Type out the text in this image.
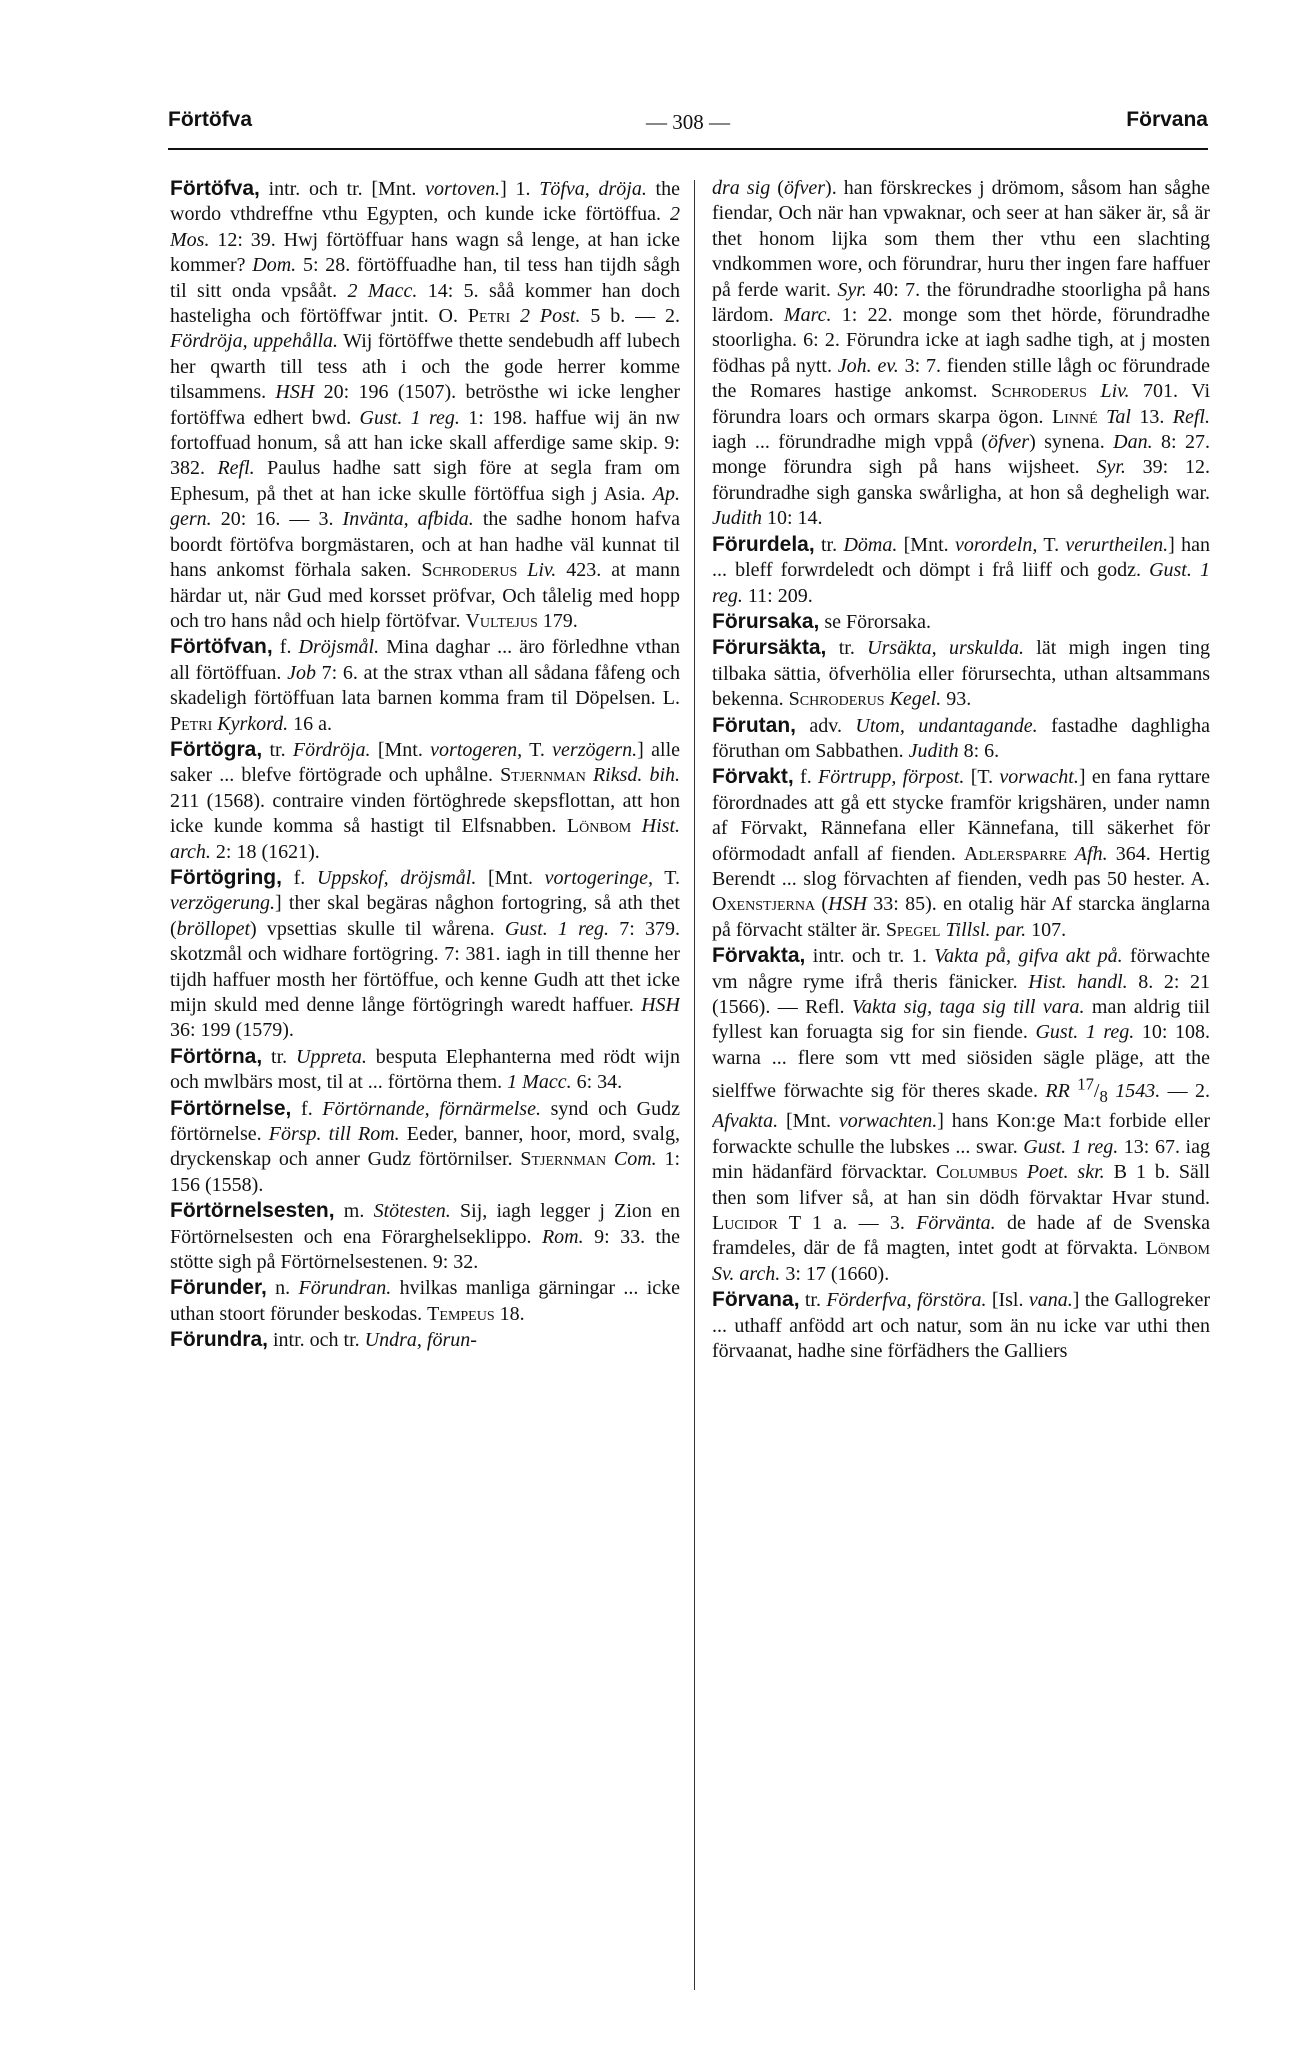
Förtöfva	— 308 —	Förvana

Förtöfva, intr. och tr. [Mnt. vortoven.] 1. Töfva, dröja. the wordo vthdreffne vthu Egypten, och kunde icke förtöffua. 2 Mos. 12: 39. Hwj förtöffuar hans wagn så lenge, at han icke kommer? Dom. 5: 28. förtöffuadhe han, til tess han tijdh sågh til sitt onda vpsååt. 2 Macc. 14: 5. såå kommer han doch hasteligha och förtöffwar jntit. O. Petri 2 Post. 5 b. — 2. Fördröja, uppehålla. Wij förtöffwe thette sendebudh aff lubech her qwarth till tess ath i och the gode herrer komme tilsammens. HSH 20: 196 (1507). betrösthe wi icke lengher fortöffwa edhert bwd. Gust. 1 reg. 1: 198. haffue wij än nw fortoffuad honum, så att han icke skall afferdige same skip. 9: 382. Refl. Paulus hadhe satt sigh före at segla fram om Ephesum, på thet at han icke skulle förtöffua sigh j Asia. Ap. gern. 20: 16. — 3. Invänta, afbida. the sadhe honom hafva boordt förtöfva borgmästaren, och at han hadhe väl kunnat til hans ankomst förhala saken. Schroderus Liv. 423. at mann härdar ut, när Gud med korsset pröfvar, Och tålelig med hopp och tro hans nåd och hielp förtöfvar. Vultejus 179.

Förtöfvan, f. Dröjsmål. Mina daghar ... äro förledhne vthan all förtöffuan. Job 7: 6. at the strax vthan all sådana fåfeng och skadeligh förtöffuan lata barnen komma fram til Döpelsen. L. Petri Kyrkord. 16 a.

Förtögra, tr. Fördröja. [Mnt. vortogeren, T. verzögern.] alle saker ... blefve förtögrade och uphålne. Stjernman Riksd. bih. 211 (1568). contraire vinden förtöghrede skepsflottan, att hon icke kunde komma så hastigt til Elfsnabben. Lönbom Hist. arch. 2: 18 (1621).

Förtögring, f. Uppskof, dröjsmål. [Mnt. vortogeringe, T. verzögerung.] ther skal begäras någhon fortogring, så ath thet (bröllopet) vpsettias skulle til wårena. Gust. 1 reg. 7: 379. skotzmål och widhare fortögring. 7: 381. iagh in till thenne her tijdh haffuer mosth her förtöffue, och kenne Gudh att thet icke mijn skuld med denne långe förtögringh waredt haffuer. HSH 36: 199 (1579).

Förtörna, tr. Uppreta. besputa Elephanterna med rödt wijn och mwlbärs most, til at ... förtörna them. 1 Macc. 6: 34.

Förtörnelse, f. Förtörnande, förnärmelse. synd och Gudz förtörnelse. Försp. till Rom. Eeder, banner, hoor, mord, svalg, dryckenskap och anner Gudz förtörnilser. Stjernman Com. 1: 156 (1558).

Förtörnelsesten, m. Stötesten. Sij, iagh legger j Zion en Förtörnelsesten och ena Förarghelseklippo. Rom. 9: 33. the stötte sigh på Förtörnelsestenen. 9: 32.

Förunder, n. Förundran. hvilkas manliga gärningar ... icke uthan stoort förunder beskodas. Tempeus 18.

Förundra, intr. och tr. Undra, förun-

dra sig (öfver). han förskreckes j drömom, såsom han såghe fiendar, Och när han vpwaknar, och seer at han säker är, så är thet honom lijka som them ther vthu een slachting vndkommen wore, och förundrar, huru ther ingen fare haffuer på ferde warit. Syr. 40: 7. the förundradhe stoorligha på hans lärdom. Marc. 1: 22. monge som thet hörde, förundradhe stoorligha. 6: 2. Förundra icke at iagh sadhe tigh, at j mosten födhas på nytt. Joh. ev. 3: 7. fienden stille lågh oc förundrade the Romares hastige ankomst. Schroderus Liv. 701. Vi förundra loars och ormars skarpa ögon. Linné Tal 13. Refl. iagh ... förundradhe migh vppå (öfver) synena. Dan. 8: 27. monge förundra sigh på hans wijsheet. Syr. 39: 12. förundradhe sigh ganska swårligha, at hon så degheligh war. Judith 10: 14.

Förurdela, tr. Döma. [Mnt. vorordeln, T. verurtheilen.] han ... bleff forwrdeledt och dömpt i frå liiff och godz. Gust. 1 reg. 11: 209.

Förursaka, se Förorsaka.

Förursäkta, tr. Ursäkta, urskulda. lät migh ingen ting tilbaka sättia, öfverhölia eller förursechta, uthan altsammans bekenna. Schroderus Kegel. 93.

Förutan, adv. Utom, undantagande. fastadhe daghligha föruthan om Sabbathen. Judith 8: 6.

Förvakt, f. Förtrupp, förpost. [T. vorwacht.] en fana ryttare förordnades att gå ett stycke framför krigshären, under namn af Förvakt, Rännefana eller Kännefana, till säkerhet för oförmodadt anfall af fienden. Adlersparre Afh. 364. Hertig Berendt ... slog förvachten af fienden, vedh pas 50 hester. A. Oxenstjerna (HSH 33: 85). en otalig här Af starcka änglarna på förvacht stälter är. Spegel Tillsl. par. 107.

Förvakta, intr. och tr. 1. Vakta på, gifva akt på. förwachte vm någre ryme ifrå theris fänicker. Hist. handl. 8. 2: 21 (1566). — Refl. Vakta sig, taga sig till vara. man aldrig tiil fyllest kan foruagta sig for sin fiende. Gust. 1 reg. 10: 108. warna ... flere som vtt med siösiden sägle pläge, att the sielffwe förwachte sig för theres skade. RR $^{17}/_8$ 1543. — 2. Afvakta. [Mnt. vorwachten.] hans Kon:ge Ma:t forbide eller forwackte schulle the lubskes ... swar. Gust. 1 reg. 13: 67. iag min hädanfärd förvacktar. Columbus Poet. skr. B 1 b. Säll then som lifver så, at han sin dödh förvaktar Hvar stund. Lucidor T 1 a. — 3. Förvänta. de hade af de Svenska framdeles, där de få magten, intet godt at förvakta. Lönbom Sv. arch. 3: 17 (1660).

Förvana, tr. Förderfva, förstöra. [Isl. vana.] the Gallogreker ... uthaff anfödd art och natur, som än nu icke var uthi then förvaanat, hadhe sine förfädhers the Galliers
